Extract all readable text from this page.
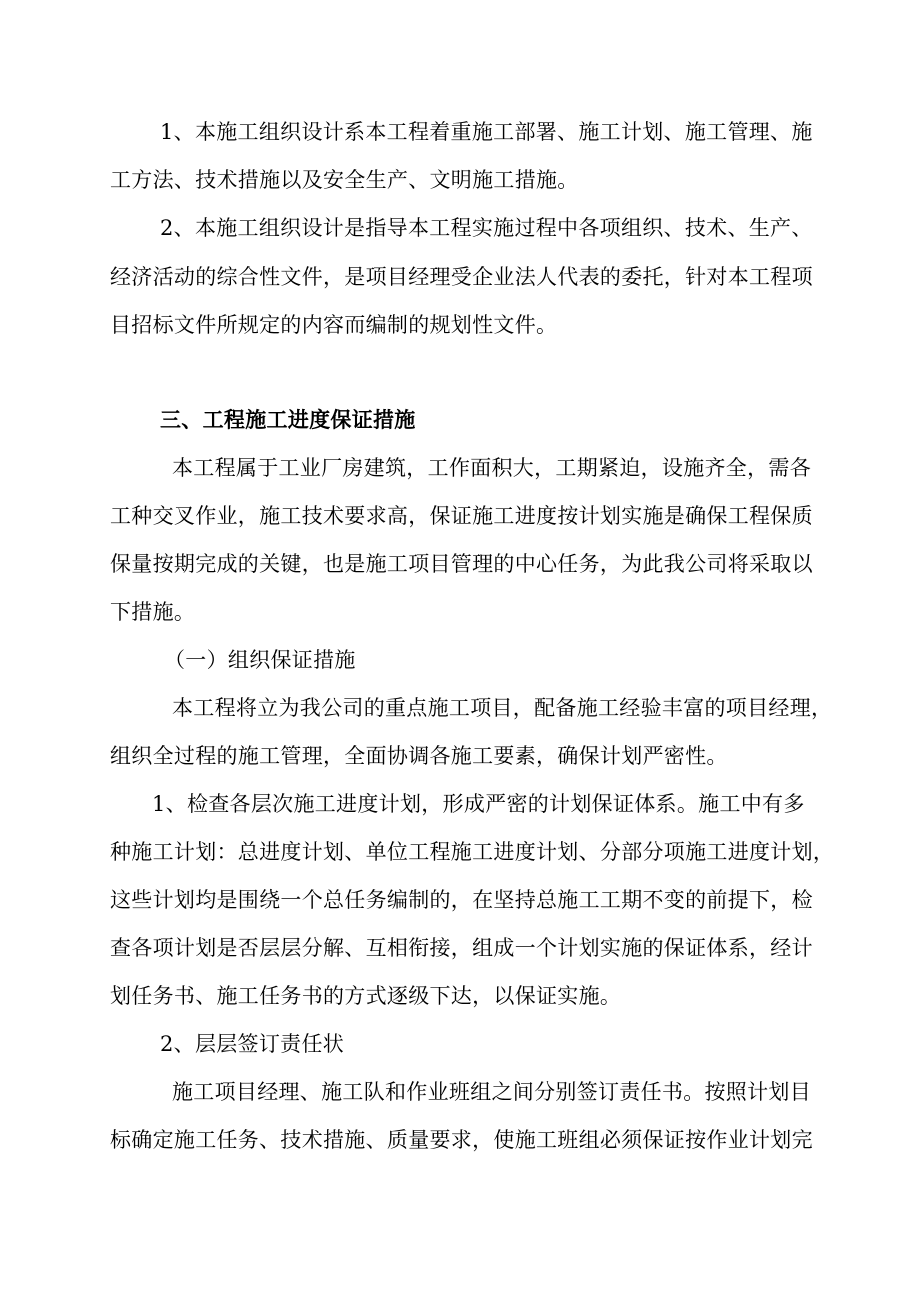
1、本施工组织设计系本工程着重施工部署、施工计划、施工管理、施
工方法、技术措施以及安全生产、文明施工措施。
2、本施工组织设计是指导本工程实施过程中各项组织、技术、生产、
经济活动的综合性文件，是项目经理受企业法人代表的委托，针对本工程项
目招标文件所规定的内容而编制的规划性文件。
三、工程施工进度保证措施
本工程属于工业厂房建筑，工作面积大，工期紧迫，设施齐全，需各
工种交叉作业，施工技术要求高，保证施工进度按计划实施是确保工程保质
保量按期完成的关键，也是施工项目管理的中心任务，为此我公司将采取以
下措施。
（一）组织保证措施
本工程将立为我公司的重点施工项目，配备施工经验丰富的项目经理，
组织全过程的施工管理，全面协调各施工要素，确保计划严密性。
1、检查各层次施工进度计划，形成严密的计划保证体系。施工中有多
种施工计划：总进度计划、单位工程施工进度计划、分部分项施工进度计划，
这些计划均是围绕一个总任务编制的，在坚持总施工工期不变的前提下，检
查各项计划是否层层分解、互相衔接，组成一个计划实施的保证体系，经计
划任务书、施工任务书的方式逐级下达，以保证实施。
2、层层签订责任状
施工项目经理、施工队和作业班组之间分别签订责任书。按照计划目
标确定施工任务、技术措施、质量要求，使施工班组必须保证按作业计划完
